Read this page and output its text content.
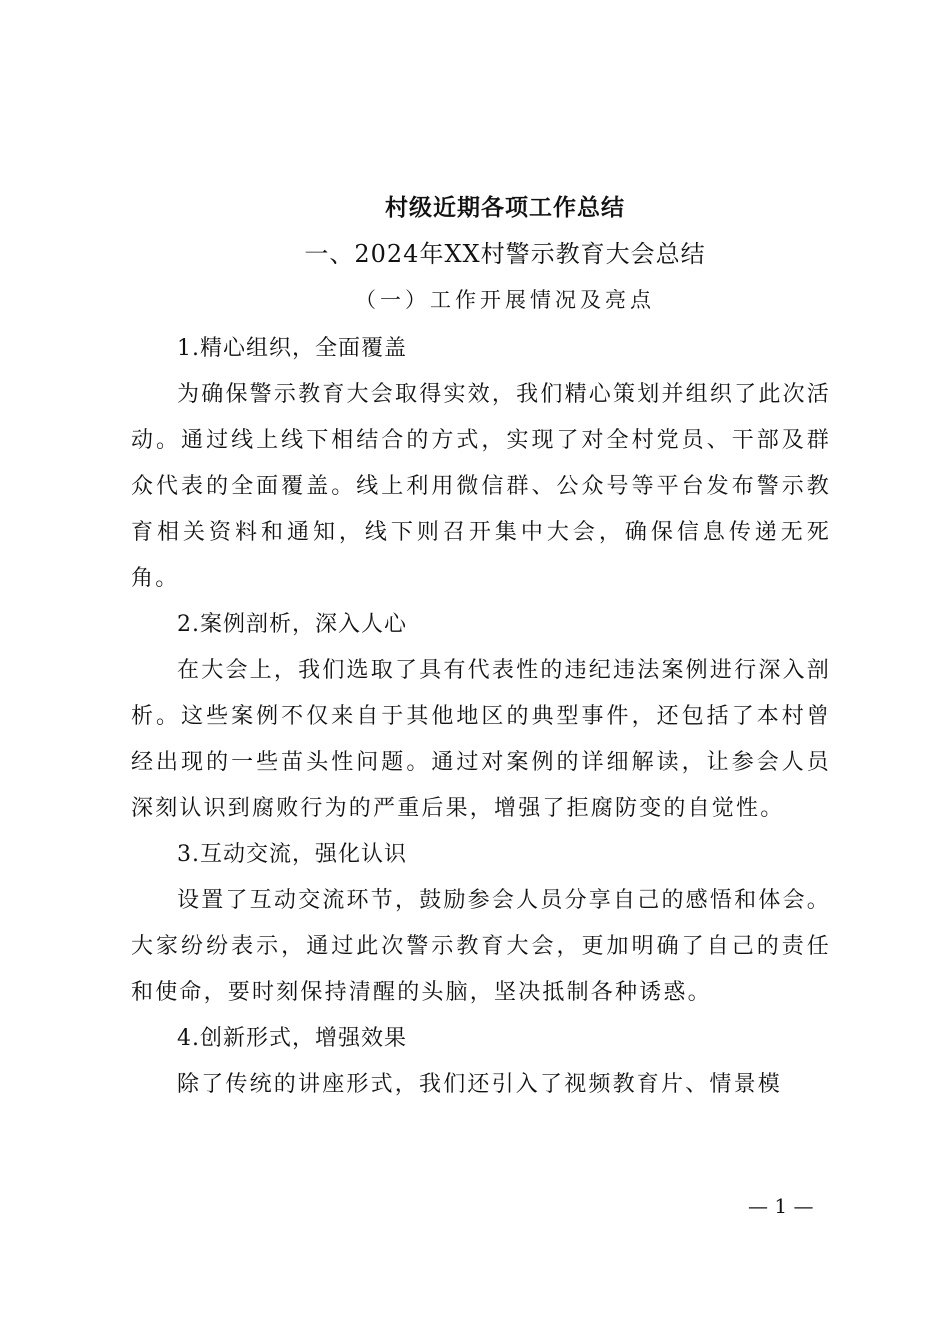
村级近期各项工作总结
一、2024年XX村警示教育大会总结
（一）工作开展情况及亮点
1.精心组织，全面覆盖

为确保警示教育大会取得实效，我们精心策划并组织了此次活动。通过线上线下相结合的方式，实现了对全村党员、干部及群众代表的全面覆盖。线上利用微信群、公众号等平台发布警示教育相关资料和通知，线下则召开集中大会，确保信息传递无死角。

2.案例剖析，深入人心

在大会上，我们选取了具有代表性的违纪违法案例进行深入剖析。这些案例不仅来自于其他地区的典型事件，还包括了本村曾经出现的一些苗头性问题。通过对案例的详细解读，让参会人员深刻认识到腐败行为的严重后果，增强了拒腐防变的自觉性。

3.互动交流，强化认识

设置了互动交流环节，鼓励参会人员分享自己的感悟和体会。大家纷纷表示，通过此次警示教育大会，更加明确了自己的责任和使命，要时刻保持清醒的头脑，坚决抵制各种诱惑。

4.创新形式，增强效果

除了传统的讲座形式，我们还引入了视频教育片、情景模

— 1 —
